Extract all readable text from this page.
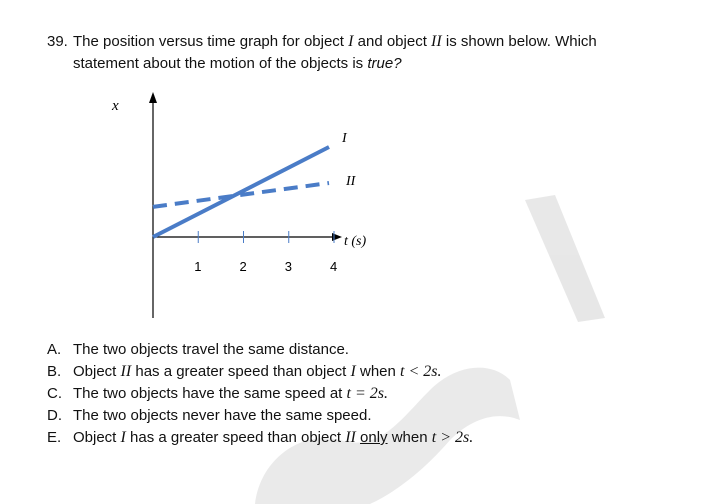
39. The position versus time graph for object I and object II is shown below. Which
statement about the motion of the objects is true?
1	2	3	4
x
t (s)
I
II
A. The two objects travel the same distance.
B. Object II has a greater speed than object I when t < 2s.
C. The two objects have the same speed at t = 2s.
D. The two objects never have the same speed.
E. Object I has a greater speed than object II only when t > 2s.
